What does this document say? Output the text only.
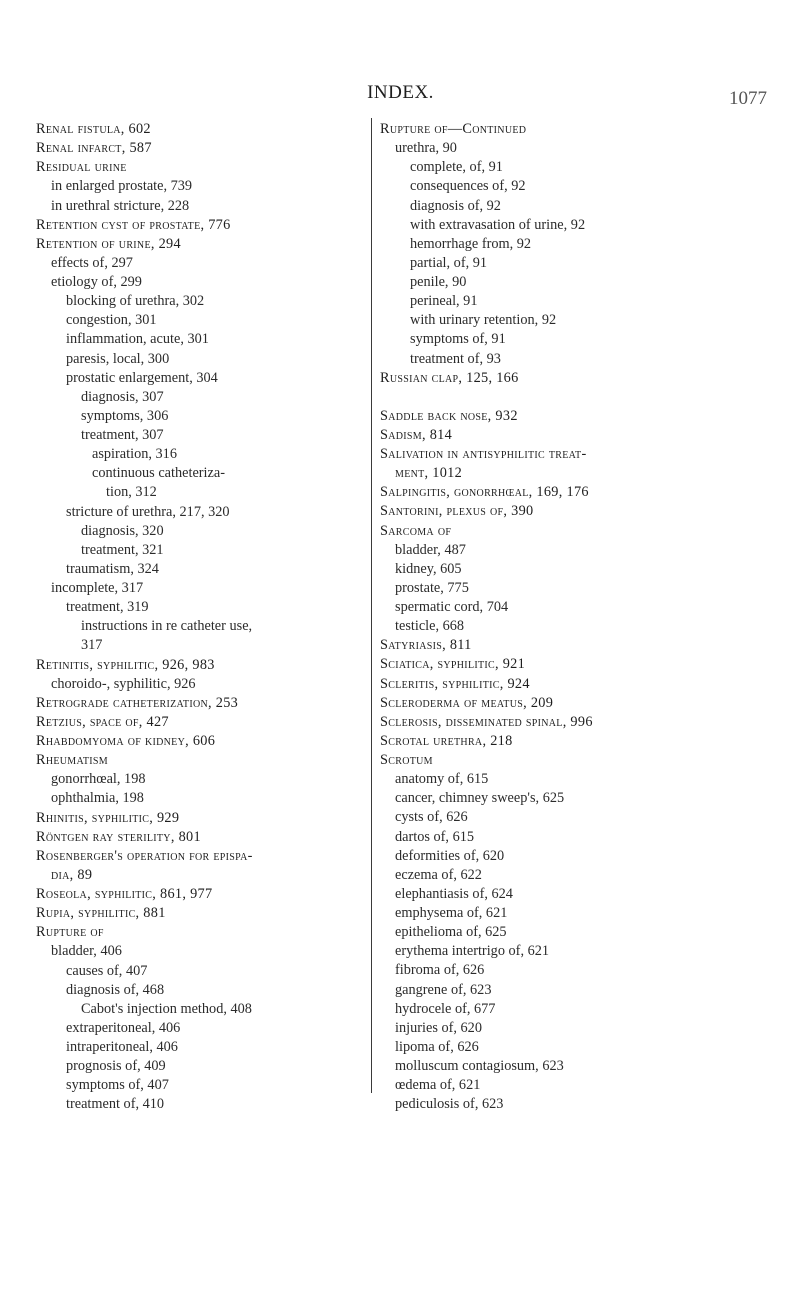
INDEX.	1077
Renal fistula, 602
Renal infarct, 587
Residual urine
in enlarged prostate, 739
in urethral stricture, 228
Retention cyst of prostate, 776
Retention of urine, 294
effects of, 297
etiology of, 299
blocking of urethra, 302
congestion, 301
inflammation, acute, 301
paresis, local, 300
prostatic enlargement, 304
diagnosis, 307
symptoms, 306
treatment, 307
aspiration, 316
continuous catheteriza-
tion, 312
stricture of urethra, 217, 320
diagnosis, 320
treatment, 321
traumatism, 324
incomplete, 317
treatment, 319
instructions in re catheter use,
317
Retinitis, syphilitic, 926, 983
choroido-, syphilitic, 926
Retrograde catheterization, 253
Retzius, space of, 427
Rhabdomyoma of kidney, 606
Rheumatism
gonorrhœal, 198
ophthalmia, 198
Rhinitis, syphilitic, 929
Röntgen ray sterility, 801
Rosenberger's operation for epispa-
dia, 89
Roseola, syphilitic, 861, 977
Rupia, syphilitic, 881
Rupture of
bladder, 406
causes of, 407
diagnosis of, 468
Cabot's injection method, 408
extraperitoneal, 406
intraperitoneal, 406
prognosis of, 409
symptoms of, 407
treatment of, 410
Rupture of—Continued
urethra, 90
complete, of, 91
consequences of, 92
diagnosis of, 92
with extravasation of urine, 92
hemorrhage from, 92
partial, of, 91
penile, 90
perineal, 91
with urinary retention, 92
symptoms of, 91
treatment of, 93
Russian clap, 125, 166
Saddle back nose, 932
Sadism, 814
Salivation in antisyphilitic treat-
ment, 1012
Salpingitis, gonorrhœal, 169, 176
Santorini, plexus of, 390
Sarcoma of
bladder, 487
kidney, 605
prostate, 775
spermatic cord, 704
testicle, 668
Satyriasis, 811
Sciatica, syphilitic, 921
Scleritis, syphilitic, 924
Scleroderma of meatus, 209
Sclerosis, disseminated spinal, 996
Scrotal urethra, 218
Scrotum
anatomy of, 615
cancer, chimney sweep's, 625
cysts of, 626
dartos of, 615
deformities of, 620
eczema of, 622
elephantiasis of, 624
emphysema of, 621
epithelioma of, 625
erythema intertrigo of, 621
fibroma of, 626
gangrene of, 623
hydrocele of, 677
injuries of, 620
lipoma of, 626
molluscum contagiosum, 623
œdema of, 621
pediculosis of, 623
